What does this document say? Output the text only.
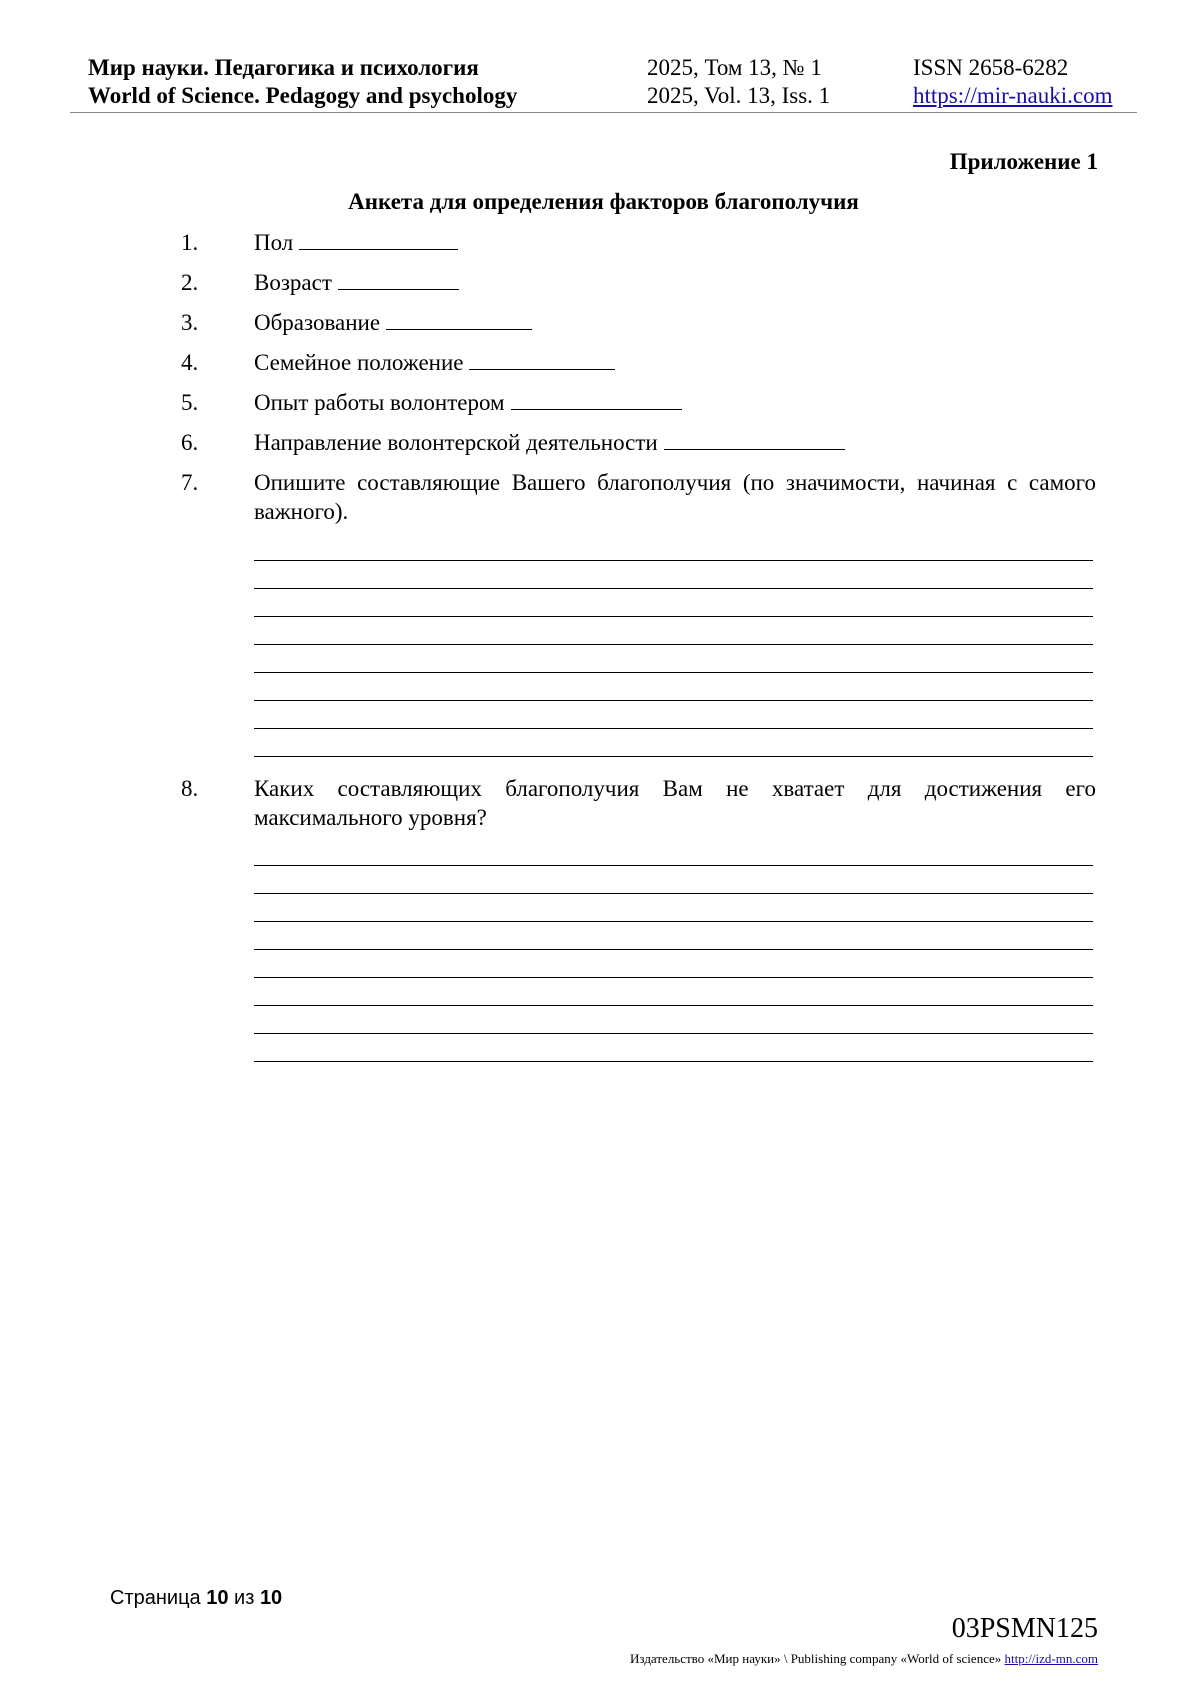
Мир науки. Педагогика и психология
World of Science. Pedagogy and psychology
2025, Том 13, № 1
2025, Vol. 13, Iss. 1
ISSN 2658-6282
https://mir-nauki.com
Приложение 1
Анкета для определения факторов благополучия
1. Пол
2. Возраст
3. Образование
4. Семейное положение
5. Опыт работы волонтером
6. Направление волонтерской деятельности
7. Опишите составляющие Вашего благополучия (по значимости, начиная с самого важного).
8. Каких составляющих благополучия Вам не хватает для достижения его максимального уровня?
Страница 10 из 10
03PSMN125
Издательство «Мир науки» \ Publishing company «World of science» http://izd-mn.com
